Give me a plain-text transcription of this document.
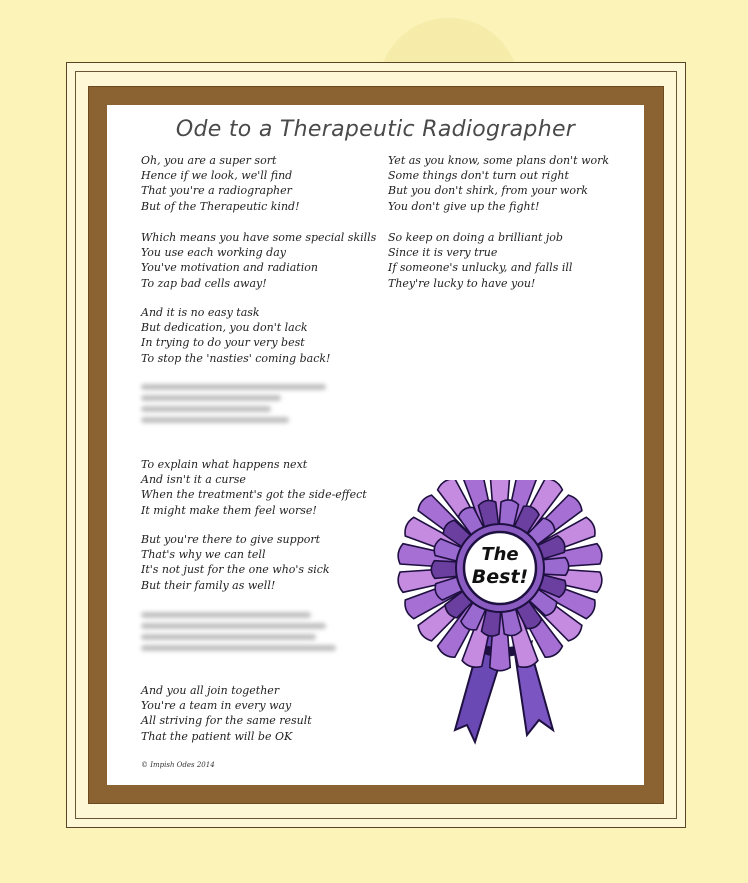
Ode to a Therapeutic Radiographer
Oh, you are a super sort
Hence if we look, we'll find
That you're a radiographer
But of the Therapeutic kind!
Which means you have some special skills
You use each working day
You've motivation and radiation
To zap bad cells away!
And it is no easy task
But dedication, you don't lack
In trying to do your very best
To stop the 'nasties' coming back!
To explain what happens next
And isn't it a curse
When the treatment's got the side-effect
It might make them feel worse!
But you're there to give support
That's why we can tell
It's not just for the one who's sick
But their family as well!
And you all join together
You're a team in every way
All striving for the same result
That the patient will be OK
Yet as you know, some plans don't work
Some things don't turn out right
But you don't shirk, from your work
You don't give up the fight!
So keep on doing a brilliant job
Since it is very true
If someone's unlucky, and falls ill
They're lucky to have you!
The
Best!
© Impish Odes 2014
